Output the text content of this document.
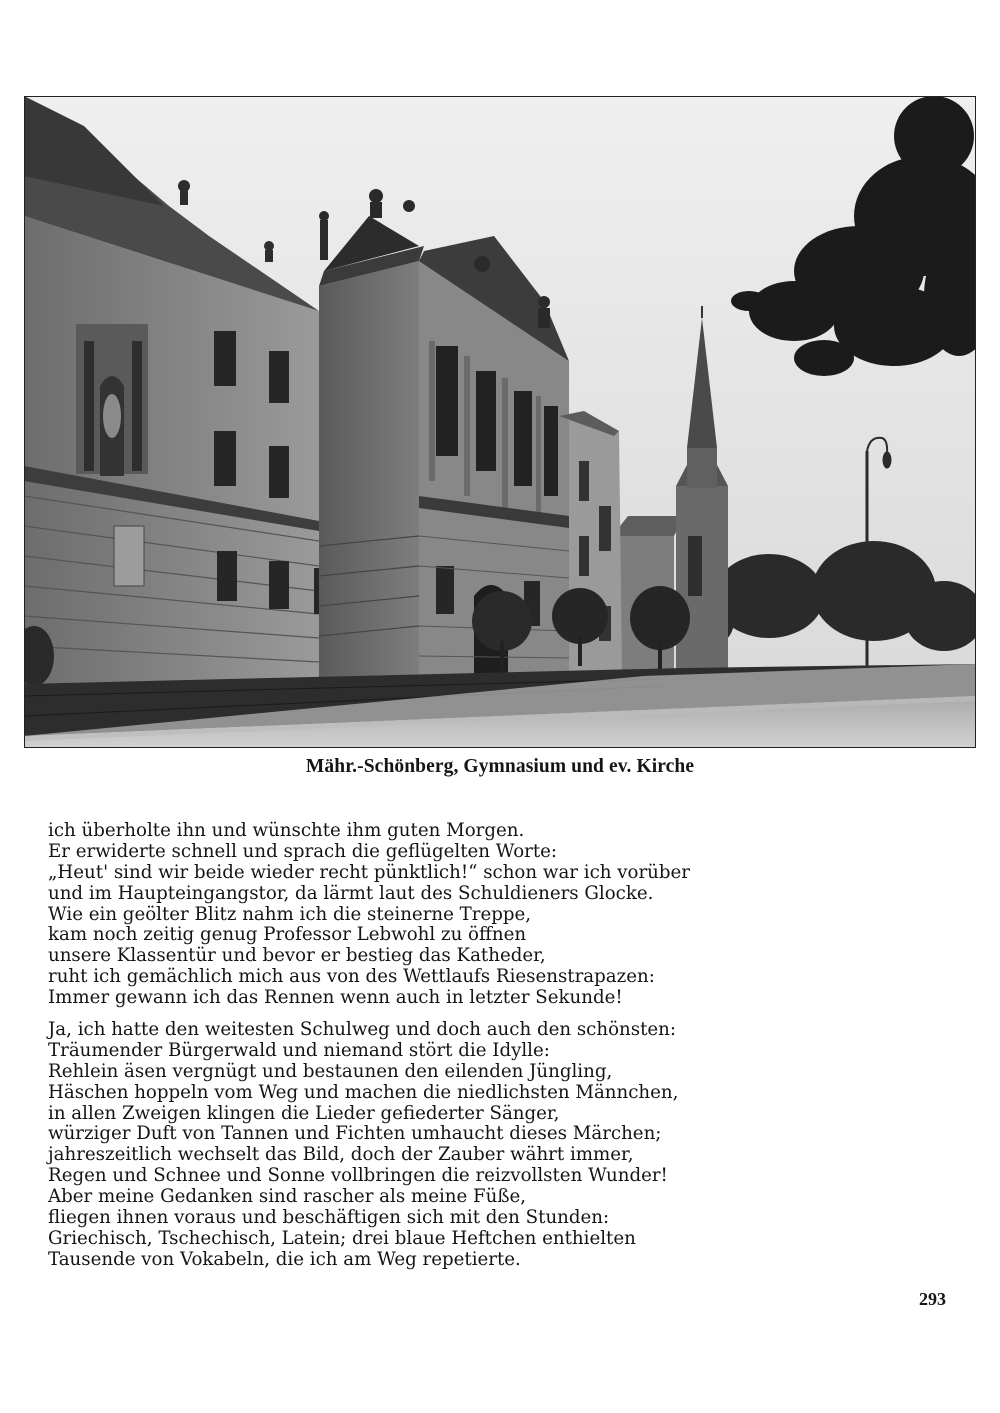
Mähr.-Schönberg, Gymnasium und ev. Kirche
ich überholte ihn und wünschte ihm guten Morgen.
Er erwiderte schnell und sprach die geflügelten Worte:
„Heut' sind wir beide wieder recht pünktlich!“ schon war ich vorüber
und im Haupteingangstor, da lärmt laut des Schuldieners Glocke.
Wie ein geölter Blitz nahm ich die steinerne Treppe,
kam noch zeitig genug Professor Lebwohl zu öffnen
unsere Klassentür und bevor er bestieg das Katheder,
ruht ich gemächlich mich aus von des Wettlaufs Riesenstrapazen:
Immer gewann ich das Rennen wenn auch in letzter Sekunde!
Ja, ich hatte den weitesten Schulweg und doch auch den schönsten:
Träumender Bürgerwald und niemand stört die Idylle:
Rehlein äsen vergnügt und bestaunen den eilenden Jüngling,
Häschen hoppeln vom Weg und machen die niedlichsten Männchen,
in allen Zweigen klingen die Lieder gefiederter Sänger,
würziger Duft von Tannen und Fichten umhaucht dieses Märchen;
jahreszeitlich wechselt das Bild, doch der Zauber währt immer,
Regen und Schnee und Sonne vollbringen die reizvollsten Wunder!
Aber meine Gedanken sind rascher als meine Füße,
fliegen ihnen voraus und beschäftigen sich mit den Stunden:
Griechisch, Tschechisch, Latein; drei blaue Heftchen enthielten
Tausende von Vokabeln, die ich am Weg repetierte.
293
